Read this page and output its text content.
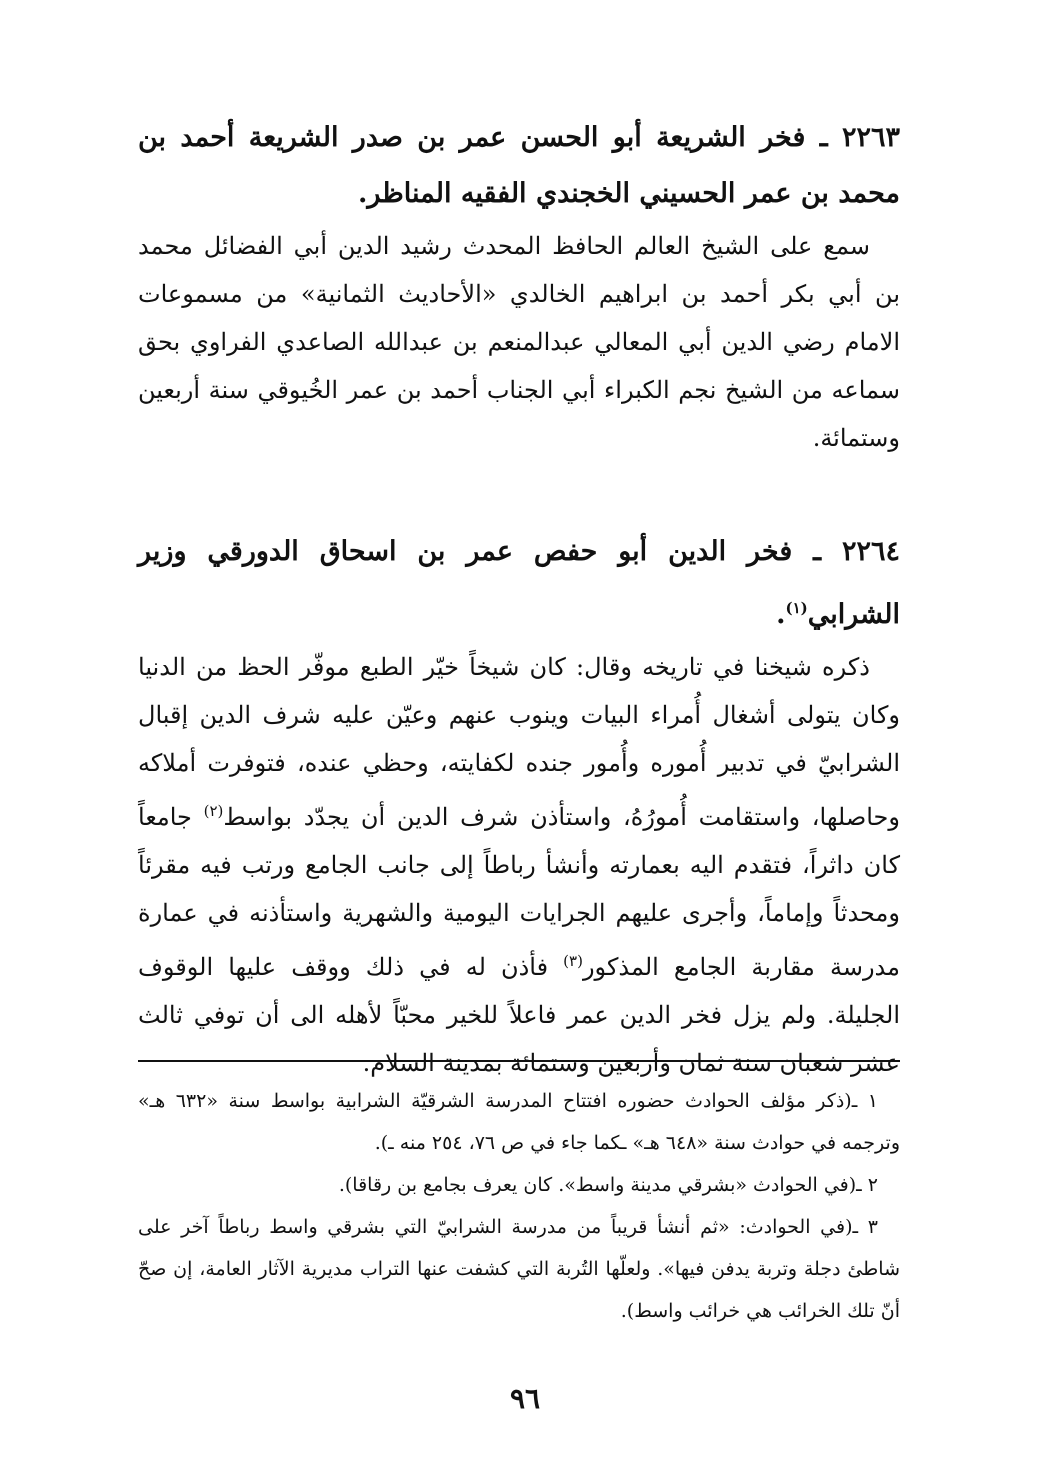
٢٢٦٣ ـ فخر الشريعة أبو الحسن عمر بن صدر الشريعة أحمد بن محمد بن عمر الحسيني الخجندي الفقيه المناظر.

سمع على الشيخ العالم الحافظ المحدث رشيد الدين أبي الفضائل محمد بن أبي بكر أحمد بن ابراهيم الخالدي «الأحاديث الثمانية» من مسموعات الامام رضي الدين أبي المعالي عبدالمنعم بن عبدالله الصاعدي الفراوي بحق سماعه من الشيخ نجم الكبراء أبي الجناب أحمد بن عمر الخُيوقي سنة أربعين وستمائة.

٢٢٦٤ ـ فخر الدين أبو حفص عمر بن اسحاق الدورقي وزير الشرابي$^{(١)}$.

ذكره شيخنا في تاريخه وقال: كان شيخاً خيّر الطبع موفّر الحظ من الدنيا وكان يتولى أشغال أُمراء البيات وينوب عنهم وعيّن عليه شرف الدين إقبال الشرابيّ في تدبير أُموره وأُمور جنده لكفايته، وحظي عنده، فتوفرت أملاكه وحاصلها، واستقامت أُمورُهُ، واستأذن شرف الدين أن يجدّد بواسط$^{(٢)}$ جامعاً كان داثراً، فتقدم اليه بعمارته وأنشأ رباطاً إلى جانب الجامع ورتب فيه مقرئاً ومحدثاً وإماماً، وأجرى عليهم الجرايات اليومية والشهرية واستأذنه في عمارة مدرسة مقاربة الجامع المذكور$^{(٣)}$ فأذن له في ذلك ووقف عليها الوقوف الجليلة. ولم يزل فخر الدين عمر فاعلاً للخير محبّاً لأهله الى أن توفي ثالث عشر شعبان سنة ثمان وأربعين وستمائة بمدينة السلام.

١ ـ(ذكر مؤلف الحوادث حضوره افتتاح المدرسة الشرقيّة الشرابية بواسط سنة «٦٣٢ هـ» وترجمه في حوادث سنة «٦٤٨ هـ» ـكما جاء في ص ٧٦، ٢٥٤ منه ـ).

٢ ـ(في الحوادث «بشرقي مدينة واسط». كان يعرف بجامع بن رقاقا).

٣ ـ(في الحوادث: «ثم أنشأ قريباً من مدرسة الشرابيّ التي بشرقي واسط رباطاً آخر على شاطئ دجلة وتربة يدفن فيها». ولعلّها التُربة التي كشفت عنها التراب مديرية الآثار العامة، إن صحّ أنّ تلك الخرائب هي خرائب واسط).

٩٦
